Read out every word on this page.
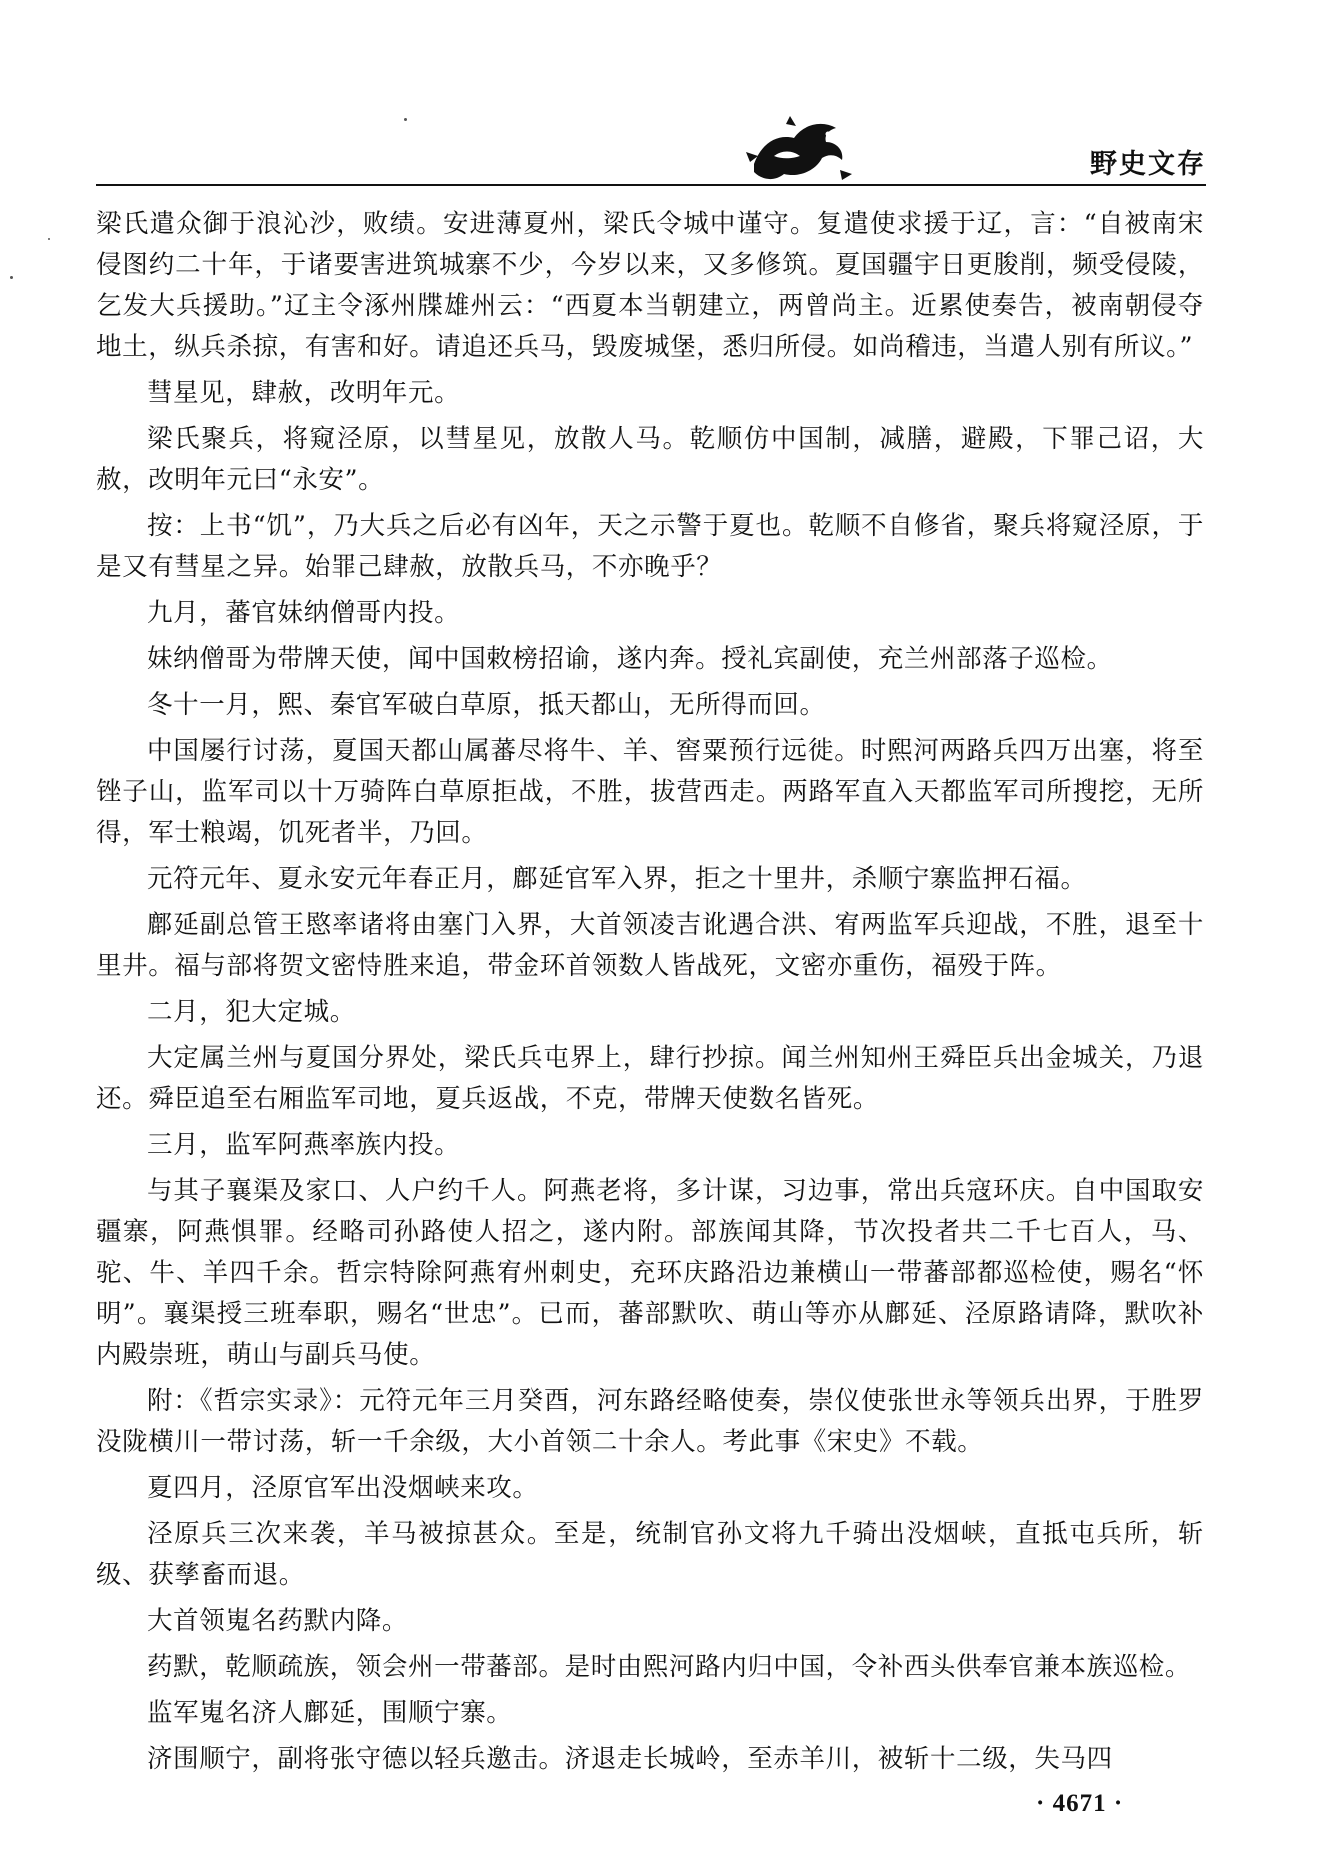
野史文存

梁氏遣众御于浪沁沙，败绩。安进薄夏州，梁氏令城中谨守。复遣使求援于辽，言：“自被南宋侵图约二十年，于诸要害进筑城寨不少，今岁以来，又多修筑。夏国疆宇日更朘削，频受侵陵，乞发大兵援助。”辽主令涿州牒雄州云：“西夏本当朝建立，两曾尚主。近累使奏告，被南朝侵夺地土，纵兵杀掠，有害和好。请追还兵马，毁废城堡，悉归所侵。如尚稽违，当遣人别有所议。”

彗星见，肆赦，改明年元。

梁氏聚兵，将窥泾原，以彗星见，放散人马。乾顺仿中国制，减膳，避殿，下罪己诏，大赦，改明年元曰“永安”。

按：上书“饥”，乃大兵之后必有凶年，天之示警于夏也。乾顺不自修省，聚兵将窥泾原，于是又有彗星之异。始罪己肆赦，放散兵马，不亦晚乎？

九月，蕃官妹纳僧哥内投。

妹纳僧哥为带牌天使，闻中国敕榜招谕，遂内奔。授礼宾副使，充兰州部落子巡检。

冬十一月，熙、秦官军破白草原，抵天都山，无所得而回。

中国屡行讨荡，夏国天都山属蕃尽将牛、羊、窖粟预行远徙。时熙河两路兵四万出塞，将至锉子山，监军司以十万骑阵白草原拒战，不胜，拔营西走。两路军直入天都监军司所搜挖，无所得，军士粮竭，饥死者半，乃回。

元符元年、夏永安元年春正月，鄜延官军入界，拒之十里井，杀顺宁寨监押石福。

鄜延副总管王愍率诸将由塞门入界，大首领凌吉讹遇合洪、宥两监军兵迎战，不胜，退至十里井。福与部将贺文密恃胜来追，带金环首领数人皆战死，文密亦重伤，福殁于阵。

二月，犯大定城。

大定属兰州与夏国分界处，梁氏兵屯界上，肆行抄掠。闻兰州知州王舜臣兵出金城关，乃退还。舜臣追至右厢监军司地，夏兵返战，不克，带牌天使数名皆死。

三月，监军阿燕率族内投。

与其子襄渠及家口、人户约千人。阿燕老将，多计谋，习边事，常出兵寇环庆。自中国取安疆寨，阿燕惧罪。经略司孙路使人招之，遂内附。部族闻其降，节次投者共二千七百人，马、驼、牛、羊四千余。哲宗特除阿燕宥州刺史，充环庆路沿边兼横山一带蕃部都巡检使，赐名“怀明”。襄渠授三班奉职，赐名“世忠”。已而，蕃部默吹、萌山等亦从鄜延、泾原路请降，默吹补内殿崇班，萌山与副兵马使。

附：《哲宗实录》：元符元年三月癸酉，河东路经略使奏，崇仪使张世永等领兵出界，于胜罗没陇横川一带讨荡，斩一千余级，大小首领二十余人。考此事《宋史》不载。

夏四月，泾原官军出没烟峡来攻。

泾原兵三次来袭，羊马被掠甚众。至是，统制官孙文将九千骑出没烟峡，直抵屯兵所，斩级、获孳畜而退。

大首领嵬名药默内降。

药默，乾顺疏族，领会州一带蕃部。是时由熙河路内归中国，令补西头供奉官兼本族巡检。

监军嵬名济人鄜延，围顺宁寨。

济围顺宁，副将张守德以轻兵邀击。济退走长城岭，至赤羊川，被斩十二级，失马四

· 4671 ·
